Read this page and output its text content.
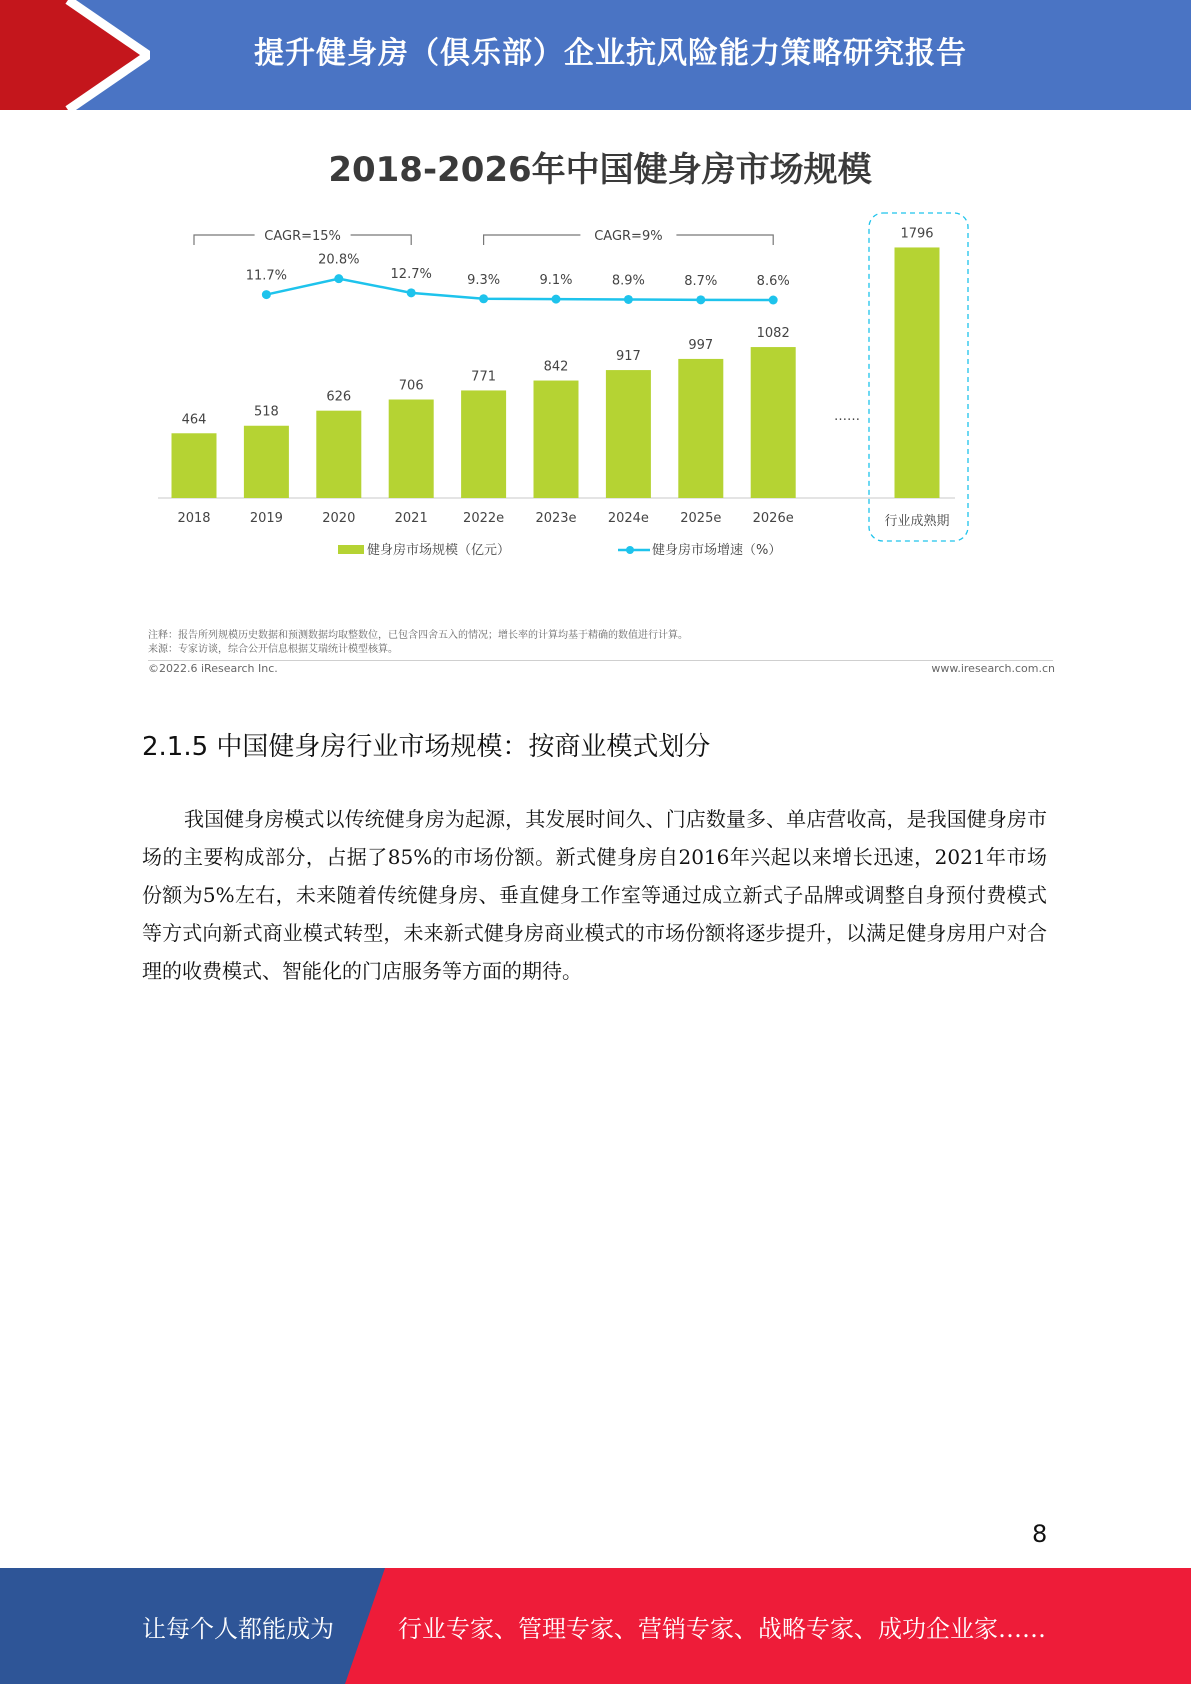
提升健身房（俱乐部）企业抗风险能力策略研究报告
464
2018
518
2019
626
2020
706
2021
771
2022e
842
2023e
917
2024e
997
2025e
1082
2026e
……
1796
行业成熟期
11.7%
20.8%
12.7%	9.3%	9.1%	8.9%	8.7%	8.6%
CAGR=15%	CAGR=9%
健身房市场规模（亿元）	健身房市场增速（%）
2018-2026年中国健身房市场规模
注释：报告所列规模历史数据和预测数据均取整数位，已包含四舍五入的情况；增长率的计算均基于精确的数值进行计算。
来源：专家访谈，综合公开信息根据艾瑞统计模型核算。
©2022.6 iResearch Inc.	www.iresearch.com.cn
2.1.5 中国健身房行业市场规模：按商业模式划分
我国健身房模式以传统健身房为起源，其发展时间久、门店数量多、单店营收高，是我国健身房市场的主要构成部分，占据了85%的市场份额。新式健身房自2016年兴起以来增长迅速，2021年市场份额为5%左右，未来随着传统健身房、垂直健身工作室等通过成立新式子品牌或调整自身预付费模式等方式向新式商业模式转型，未来新式健身房商业模式的市场份额将逐步提升，以满足健身房用户对合理的收费模式、智能化的门店服务等方面的期待。
8
让每个人都能成为	行业专家、管理专家、营销专家、战略专家、成功企业家……
